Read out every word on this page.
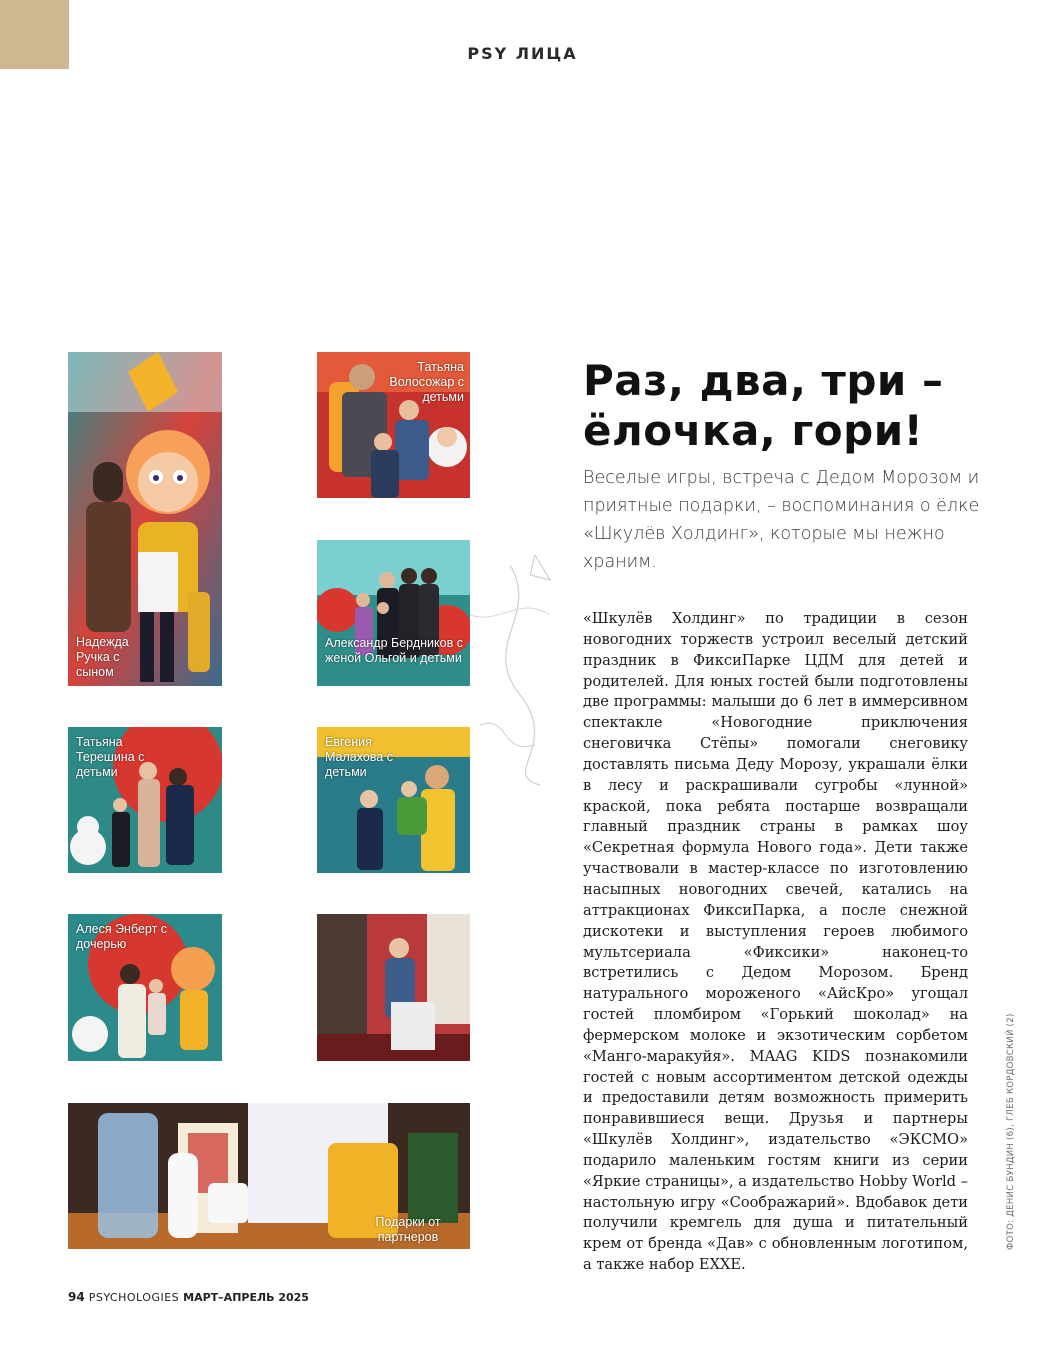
PSY ЛИЦА
Надежда Ручка с сыном
Татьяна Волосожар с детьми
Александр Бердников с женой Ольгой и детьми
Татьяна Терешина с детьми
Евгения Малахова с детьми
Алеся Энберт с дочерью
Подарки от партнеров
Раз, два, три – ёлочка, гори!
Веселые игры, встреча с Дедом Морозом и приятные подарки, – воспоминания о ёлке «Шкулёв Холдинг», которые мы нежно храним.
«Шкулёв Холдинг» по традиции в сезон новогодних торжеств устроил веселый детский праздник в ФиксиПарке ЦДМ для детей и родителей. Для юных гостей были подготовлены две программы: малыши до 6 лет в иммерсивном спектакле «Новогодние приключения снеговичка Стёпы» помогали снеговику доставлять письма Деду Морозу, украшали ёлки в лесу и раскрашивали сугробы «лунной» краской, пока ребята постарше возвращали главный праздник страны в рамках шоу «Секретная формула Нового года». Дети также участвовали в мастер-классе по изготовлению насыпных новогодних свечей, катались на аттракционах ФиксиПарка, а после снежной дискотеки и выступления героев любимого мультсериала «Фиксики» наконец-то встретились с Дедом Морозом. Бренд натурального мороженого «АйсКро» угощал гостей пломбиром «Горький шоколад» на фермерском молоке и экзотическим сорбетом «Манго-маракуйя». MAAG KIDS познакомили гостей с новым ассортиментом детской одежды и предоставили детям возможность примерить понравившиеся вещи. Друзья и партнеры «Шкулёв Холдинг», издательство «ЭКСМО» подарило маленьким гостям книги из серии «Яркие страницы», а издательство Hobby World – настольную игру «Соображарий». Вдобавок дети получили кремгель для душа и питательный крем от бренда «Дав» с обновленным логотипом, а также набор EXXE.
94 PSYCHOLOGIES МАРТ–АПРЕЛЬ 2025
ФОТО: ДЕНИС БУНДИН (6), ГЛЕБ КОРДОВСКИЙ (2)
